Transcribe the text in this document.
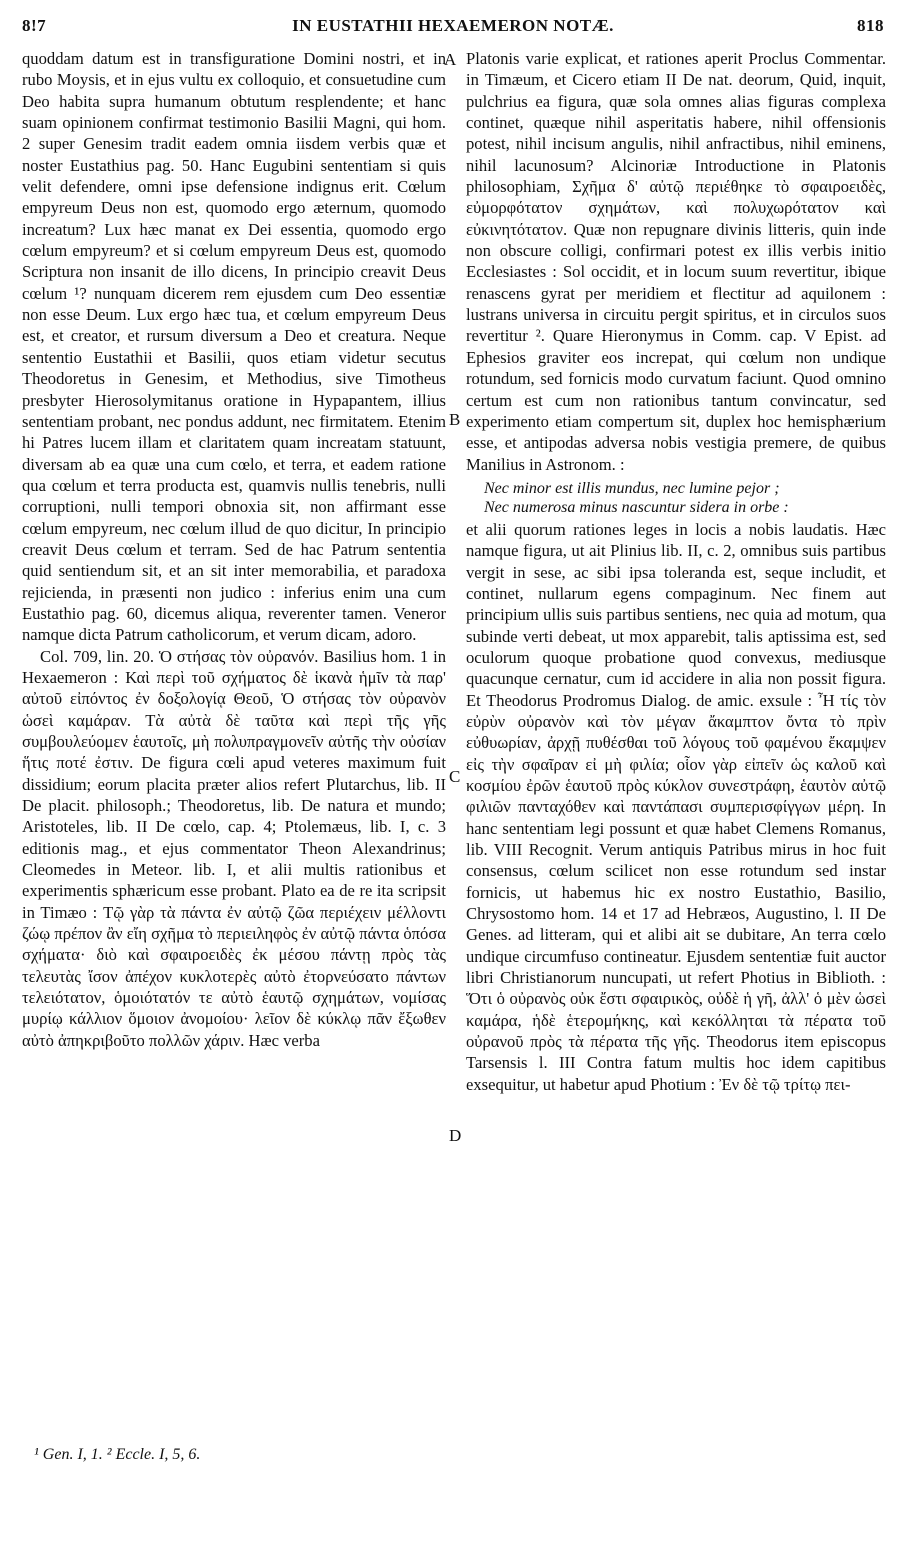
8!7	IN EUSTATHII HEXAEMERON NOTÆ.	818

quoddam datum est in transfiguratione Domini nostri, et in rubo Moysis, et in ejus vultu ex colloquio, et consuetudine cum Deo habita supra humanum obtutum resplendente; et hanc suam opinionem confirmat testimonio Basilii Magni, qui hom. 2 super Genesim tradit eadem omnia iisdem verbis quæ et noster Eustathius pag. 50. Hanc Eugubini sententiam si quis velit defendere, omni ipse defensione indignus erit. Cœlum empyreum Deus non est, quomodo ergo æternum, quomodo increatum? Lux hæc manat ex Dei essentia, quomodo ergo cœlum empyreum? et si cœlum empyreum Deus est, quomodo Scriptura non insanit de illo dicens, In principio creavit Deus cœlum ¹? nunquam dicerem rem ejusdem cum Deo essentiæ non esse Deum. Lux ergo hæc tua, et cœlum empyreum Deus est, et creator, et rursum diversum a Deo et creatura. Neque sententio Eustathii et Basilii, quos etiam videtur secutus Theodoretus in Genesim, et Methodius, sive Timotheus presbyter Hierosolymitanus oratione in Hypapantem, illius sententiam probant, nec pondus addunt, nec firmitatem. Etenim hi Patres lucem illam et claritatem quam increatam statuunt, diversam ab ea quæ una cum cœlo, et terra, et eadem ratione qua cœlum et terra producta est, quamvis nullis tenebris, nulli corruptioni, nulli tempori obnoxia sit, non affirmant esse cœlum empyreum, nec cœlum illud de quo dicitur, In principio creavit Deus cœlum et terram. Sed de hac Patrum sententia quid sentiendum sit, et an sit inter memorabilia, et paradoxa rejicienda, in præsenti non judico : inferius enim una cum Eustathio pag. 60, dicemus aliqua, reverenter tamen. Veneror namque dicta Patrum catholicorum, et verum dicam, adoro.

Col. 709, lin. 20. Ὁ στήσας τὸν οὐρανόν. Basilius hom. 1 in Hexaemeron : Καὶ περὶ τοῦ σχήματος δὲ ἱκανὰ ἡμῖν τὰ παρ' αὐτοῦ εἰπόντος ἐν δοξολογίᾳ Θεοῦ, Ὁ στήσας τὸν οὐρανὸν ὡσεὶ καμάραν. Τὰ αὐτὰ δὲ ταῦτα καὶ περὶ τῆς γῆς συμβουλεύομεν ἑαυτοῖς, μὴ πολυπραγμονεῖν αὐτῆς τὴν οὐσίαν ἥτις ποτέ ἐστιν. De figura cœli apud veteres maximum fuit dissidium; eorum placita præter alios refert Plutarchus, lib. II De placit. philosoph.; Theodoretus, lib. De natura et mundo; Aristoteles, lib. II De cœlo, cap. 4; Ptolemæus, lib. I, c. 3 editionis mag., et ejus commentator Theon Alexandrinus; Cleomedes in Meteor. lib. I, et alii multis rationibus et experimentis sphæricum esse probant. Plato ea de re ita scripsit in Timæo : Τῷ γὰρ τὰ πάντα ἐν αὐτῷ ζῶα περιέχειν μέλλοντι ζώῳ πρέπον ἂν εἴη σχῆμα τὸ περιειληφὸς ἐν αὐτῷ πάντα ὁπόσα σχήματα· διὸ καὶ σφαιροειδὲς ἐκ μέσου πάντῃ πρὸς τὰς τελευτὰς ἴσον ἀπέχον κυκλοτερὲς αὐτὸ ἐτορνεύσατο πάντων τελειότατον, ὁμοιότατόν τε αὐτὸ ἑαυτῷ σχημάτων, νομίσας μυρίῳ κάλλιον ὅμοιον ἀνομοίου· λεῖον δὲ κύκλῳ πᾶν ἔξωθεν αὐτὸ ἀπηκριβοῦτο πολλῶν χάριν. Hæc verba

A
B
C
D

Platonis varie explicat, et rationes aperit Proclus Commentar. in Timæum, et Cicero etiam II De nat. deorum, Quid, inquit, pulchrius ea figura, quæ sola omnes alias figuras complexa continet, quæque nihil asperitatis habere, nihil offensionis potest, nihil incisum angulis, nihil anfractibus, nihil eminens, nihil lacunosum? Alcinoriæ Introductione in Platonis philosophiam, Σχῆμα δ' αὐτῷ περιέθηκε τὸ σφαιροειδὲς, εὐμορφότατον σχημάτων, καὶ πολυχωρότατον καὶ εὐκινητότατον. Quæ non repugnare divinis litteris, quin inde non obscure colligi, confirmari potest ex illis verbis initio Ecclesiastes : Sol occidit, et in locum suum revertitur, ibique renascens gyrat per meridiem et flectitur ad aquilonem : lustrans universa in circuitu pergit spiritus, et in circulos suos revertitur ². Quare Hieronymus in Comm. cap. V Epist. ad Ephesios graviter eos increpat, qui cœlum non undique rotundum, sed fornicis modo curvatum faciunt. Quod omnino certum est cum non rationibus tantum convincatur, sed experimento etiam compertum sit, duplex hoc hemisphærium esse, et antipodas adversa nobis vestigia premere, de quibus Manilius in Astronom. :

Nec minor est illis mundus, nec lumine pejor ;
Nec numerosa minus nascuntur sidera in orbe :

et alii quorum rationes leges in locis a nobis laudatis. Hæc namque figura, ut ait Plinius lib. II, c. 2, omnibus suis partibus vergit in sese, ac sibi ipsa toleranda est, seque includit, et continet, nullarum egens compaginum. Nec finem aut principium ullis suis partibus sentiens, nec quia ad motum, qua subinde verti debeat, ut mox apparebit, talis aptissima est, sed oculorum quoque probatione quod convexus, mediusque quacunque cernatur, cum id accidere in alia non possit figura. Et Theodorus Prodromus Dialog. de amic. exsule : Ἦ τίς τὸν εὐρὺν οὐρανὸν καὶ τὸν μέγαν ἄκαμπτον ὄντα τὸ πρὶν εὐθυωρίαν, ἀρχῇ πυθέσθαι τοῦ λόγους τοῦ φαμένου ἔκαμψεν εἰς τὴν σφαῖραν εἰ μὴ φιλία; οἷον γὰρ εἰπεῖν ὡς καλοῦ καὶ κοσμίου ἐρῶν ἑαυτοῦ πρὸς κύκλον συνεστράφη, ἑαυτὸν αὐτῷ φιλιῶν πανταχόθεν καὶ παντάπασι συμπερισφίγγων μέρη. In hanc sententiam legi possunt et quæ habet Clemens Romanus, lib. VIII Recognit. Verum antiquis Patribus mirus in hoc fuit consensus, cœlum scilicet non esse rotundum sed instar fornicis, ut habemus hic ex nostro Eustathio, Basilio, Chrysostomo hom. 14 et 17 ad Hebræos, Augustino, l. II De Genes. ad litteram, qui et alibi ait se dubitare, An terra cœlo undique circumfuso contineatur. Ejusdem sententiæ fuit auctor libri Christianorum nuncupati, ut refert Photius in Biblioth. : Ὅτι ὁ οὐρανὸς οὐκ ἔστι σφαιρικὸς, οὐδὲ ἡ γῆ, ἀλλ' ὁ μὲν ὡσεὶ καμάρα, ἡδὲ ἑτερομήκης, καὶ κεκόλληται τὰ πέρατα τοῦ οὐρανοῦ πρὸς τὰ πέρατα τῆς γῆς. Theodorus item episcopus Tarsensis l. III Contra fatum multis hoc idem capitibus exsequitur, ut habetur apud Photium : Ἐν δὲ τῷ τρίτῳ πει-

¹ Gen. I, 1. ² Eccle. I, 5, 6.
